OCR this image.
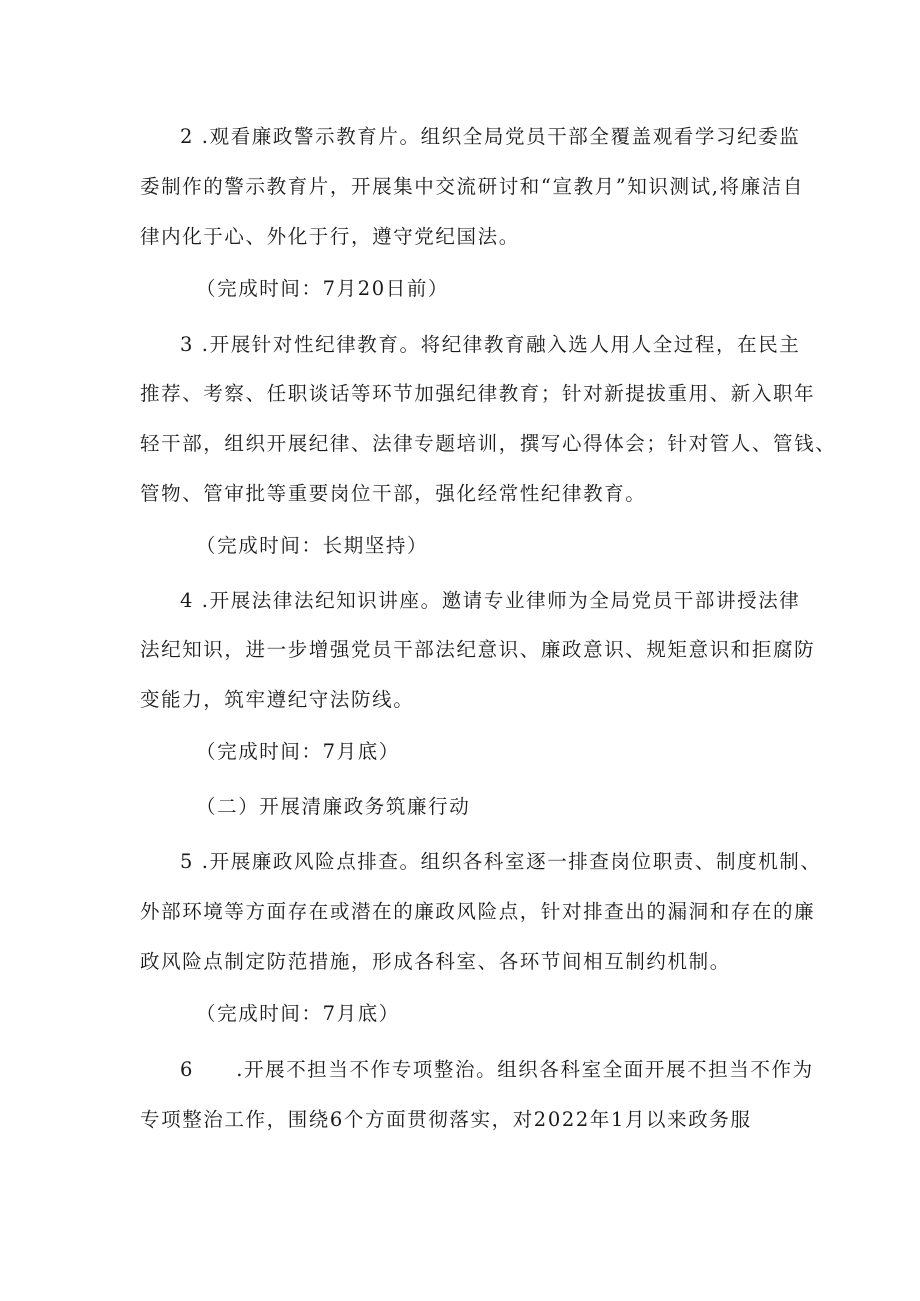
2 .观看廉政警示教育片。组织全局党员干部全覆盖观看学习纪委监
委制作的警示教育片，开展集中交流研讨和“宣教月”知识测试,将廉洁自
律内化于心、外化于行，遵守党纪国法。
（完成时间：7月20日前）
3 .开展针对性纪律教育。将纪律教育融入选人用人全过程，在民主
推荐、考察、任职谈话等环节加强纪律教育；针对新提拔重用、新入职年
轻干部，组织开展纪律、法律专题培训，撰写心得体会；针对管人、管钱、
管物、管审批等重要岗位干部，强化经常性纪律教育。
（完成时间：长期坚持）
4 .开展法律法纪知识讲座。邀请专业律师为全局党员干部讲授法律
法纪知识，进一步增强党员干部法纪意识、廉政意识、规矩意识和拒腐防
变能力，筑牢遵纪守法防线。
（完成时间：7月底）
（二）开展清廉政务筑廉行动
5 .开展廉政风险点排查。组织各科室逐一排查岗位职责、制度机制、
外部环境等方面存在或潜在的廉政风险点，针对排查出的漏洞和存在的廉
政风险点制定防范措施，形成各科室、各环节间相互制约机制。
（完成时间：7月底）
6　　.开展不担当不作专项整治。组织各科室全面开展不担当不作为
专项整治工作，围绕6个方面贯彻落实，对2022年1月以来政务服
